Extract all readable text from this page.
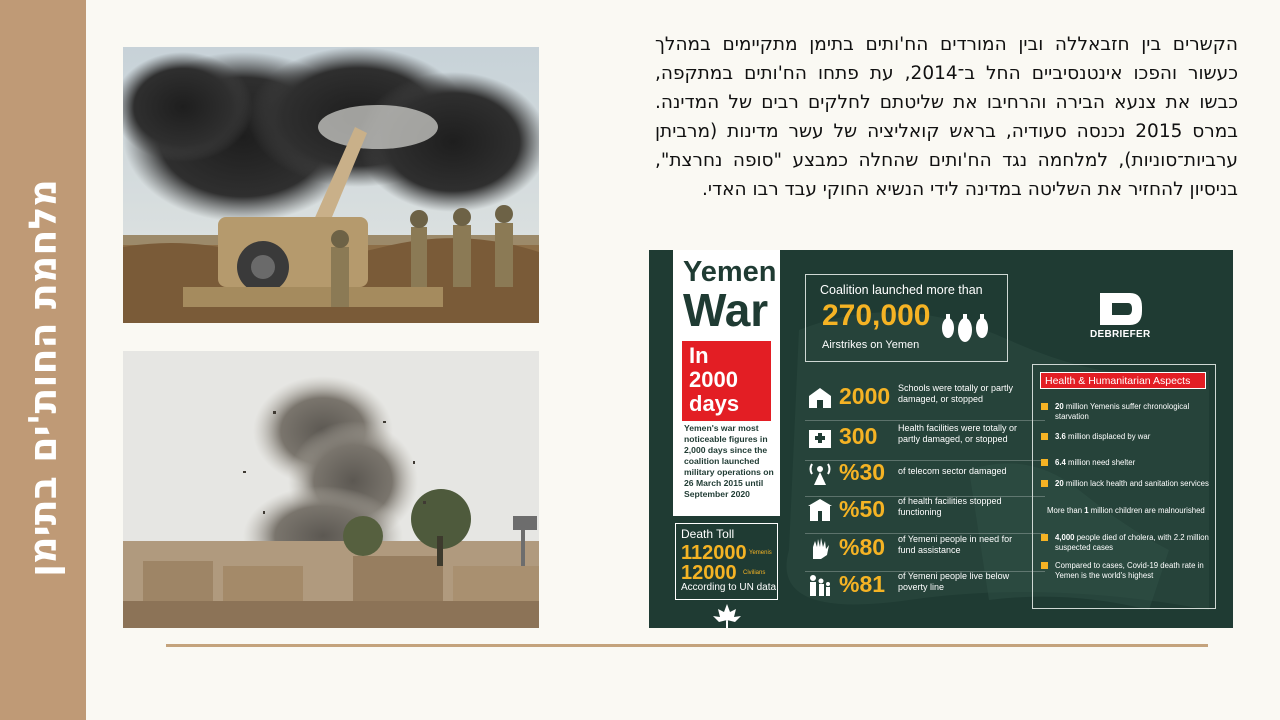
מלחמת החות'ים בתימן

הקשרים בין חזבאללה ובין המורדים הח'ותים בתימן מתקיימים במהלך כעשור והפכו אינטנסיביים החל ב־2014, עת פתחו הח'ותים במתקפה, כבשו את צנעא הבירה והרחיבו את שליטתם לחלקים רבים של המדינה. במרס 2015 נכנסה סעודיה, בראש קואליציה של עשר מדינות (מרביתן ערביות־סוניות), למלחמה נגד הח'ותים שהחלה כמבצע "סופה נחרצת", בניסיון להחזיר את השליטה במדינה לידי הנשיא החוקי עבד רבו האדי.

Yemen
War
In
2000
days
Yemen's war most noticeable figures in 2,000 days since the coalition launched military operations on 26 March 2015 until September 2020
Death Toll
112000 Yemenis
12000 Civilians
According to UN data
Coalition launched more than
270,000
Airstrikes on Yemen
DEBRIEFER
2000 Schools were totally or partly damaged, or stopped
300 Health facilities were totally or partly damaged, or stopped
%30 of telecom sector damaged
%50 of health facilities stopped functioning
%80 of Yemeni people in need for fund assistance
%81 of Yemeni people live below poverty line
Health & Humanitarian Aspects
20 million Yemenis suffer chronological starvation
3.6 million displaced by war
6.4 million need shelter
20 million lack health and sanitation services
More than 1 million children are malnourished
4,000 people died of cholera, with 2.2 million suspected cases
Compared to cases, Covid-19 death rate in Yemen is the world's highest
